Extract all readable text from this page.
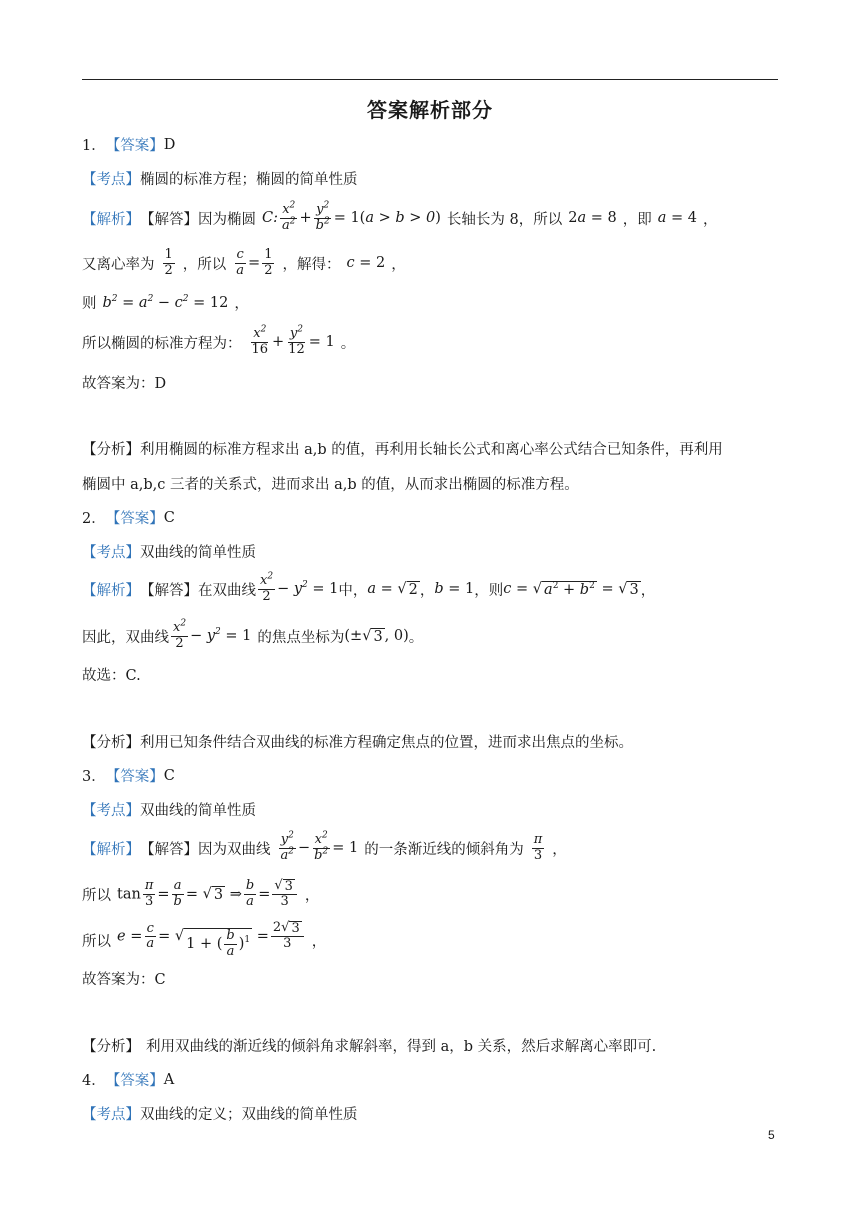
答案解析部分
1． 【答案】 D
【考点】 椭圆的标准方程；椭圆的简单性质
【解析】 【解答】 因为椭圆 C: $\frac{x^2}{a^2} + \frac{y^2}{b^2} = 1(a > b > 0)$ 长轴长为 8，所以 2a = 8 ，即 a = 4 ，
又离心率为 $\frac{1}{2}$ ，所以 $\frac{c}{a} = \frac{1}{2}$ ，解得： c = 2 ，
则 $b^2 = a^2 - c^2 = 12$ ，
所以椭圆的标准方程为： $\frac{x^2}{16} + \frac{y^2}{12} = 1$ 。
故答案为：D
【分析】 利用椭圆的标准方程求出 a,b 的值，再利用长轴长公式和离心率公式结合已知条件，再利用
椭圆中 a,b,c 三者的关系式，进而求出 a,b 的值，从而求出椭圆的标准方程。
2． 【答案】 C
【考点】 双曲线的简单性质
【解析】 【解答】 在双曲线 $\frac{x^2}{2} - y^2 = 1$ 中， a = √ 2 ， b = 1 ，则 c = √ $a^2 + b^2$ = √ 3 ，
因此，双曲线 $\frac{x^2}{2} - y^2 = 1$ 的焦点坐标为 (±√ 3 , 0) 。
故选：C.
【分析】 利用已知条件结合双曲线的标准方程确定焦点的位置，进而求出焦点的坐标。
3． 【答案】 C
【考点】 双曲线的简单性质
【解析】 【解答】 因为双曲线 $\frac{y^2}{a^2} - \frac{x^2}{b^2} = 1$ 的一条渐近线的倾斜角为 $\frac{\pi}{3}$ ，
所以 $\tan \frac{\pi}{3} = \frac{a}{b}$ = √ 3 ⇒ $\frac{b}{a} = \frac{√ 3}{3}$ ，
所以 $e = \frac{c}{a}$ = √ 1 + ( $\frac{b}{a} )^1 = \frac{2√ 3}{3}$ ，
故答案为：C
【分析】 利用双曲线的渐近线的倾斜角求解斜率，得到 a，b 关系，然后求解离心率即可.
4． 【答案】 A
【考点】 双曲线的定义；双曲线的简单性质
5
